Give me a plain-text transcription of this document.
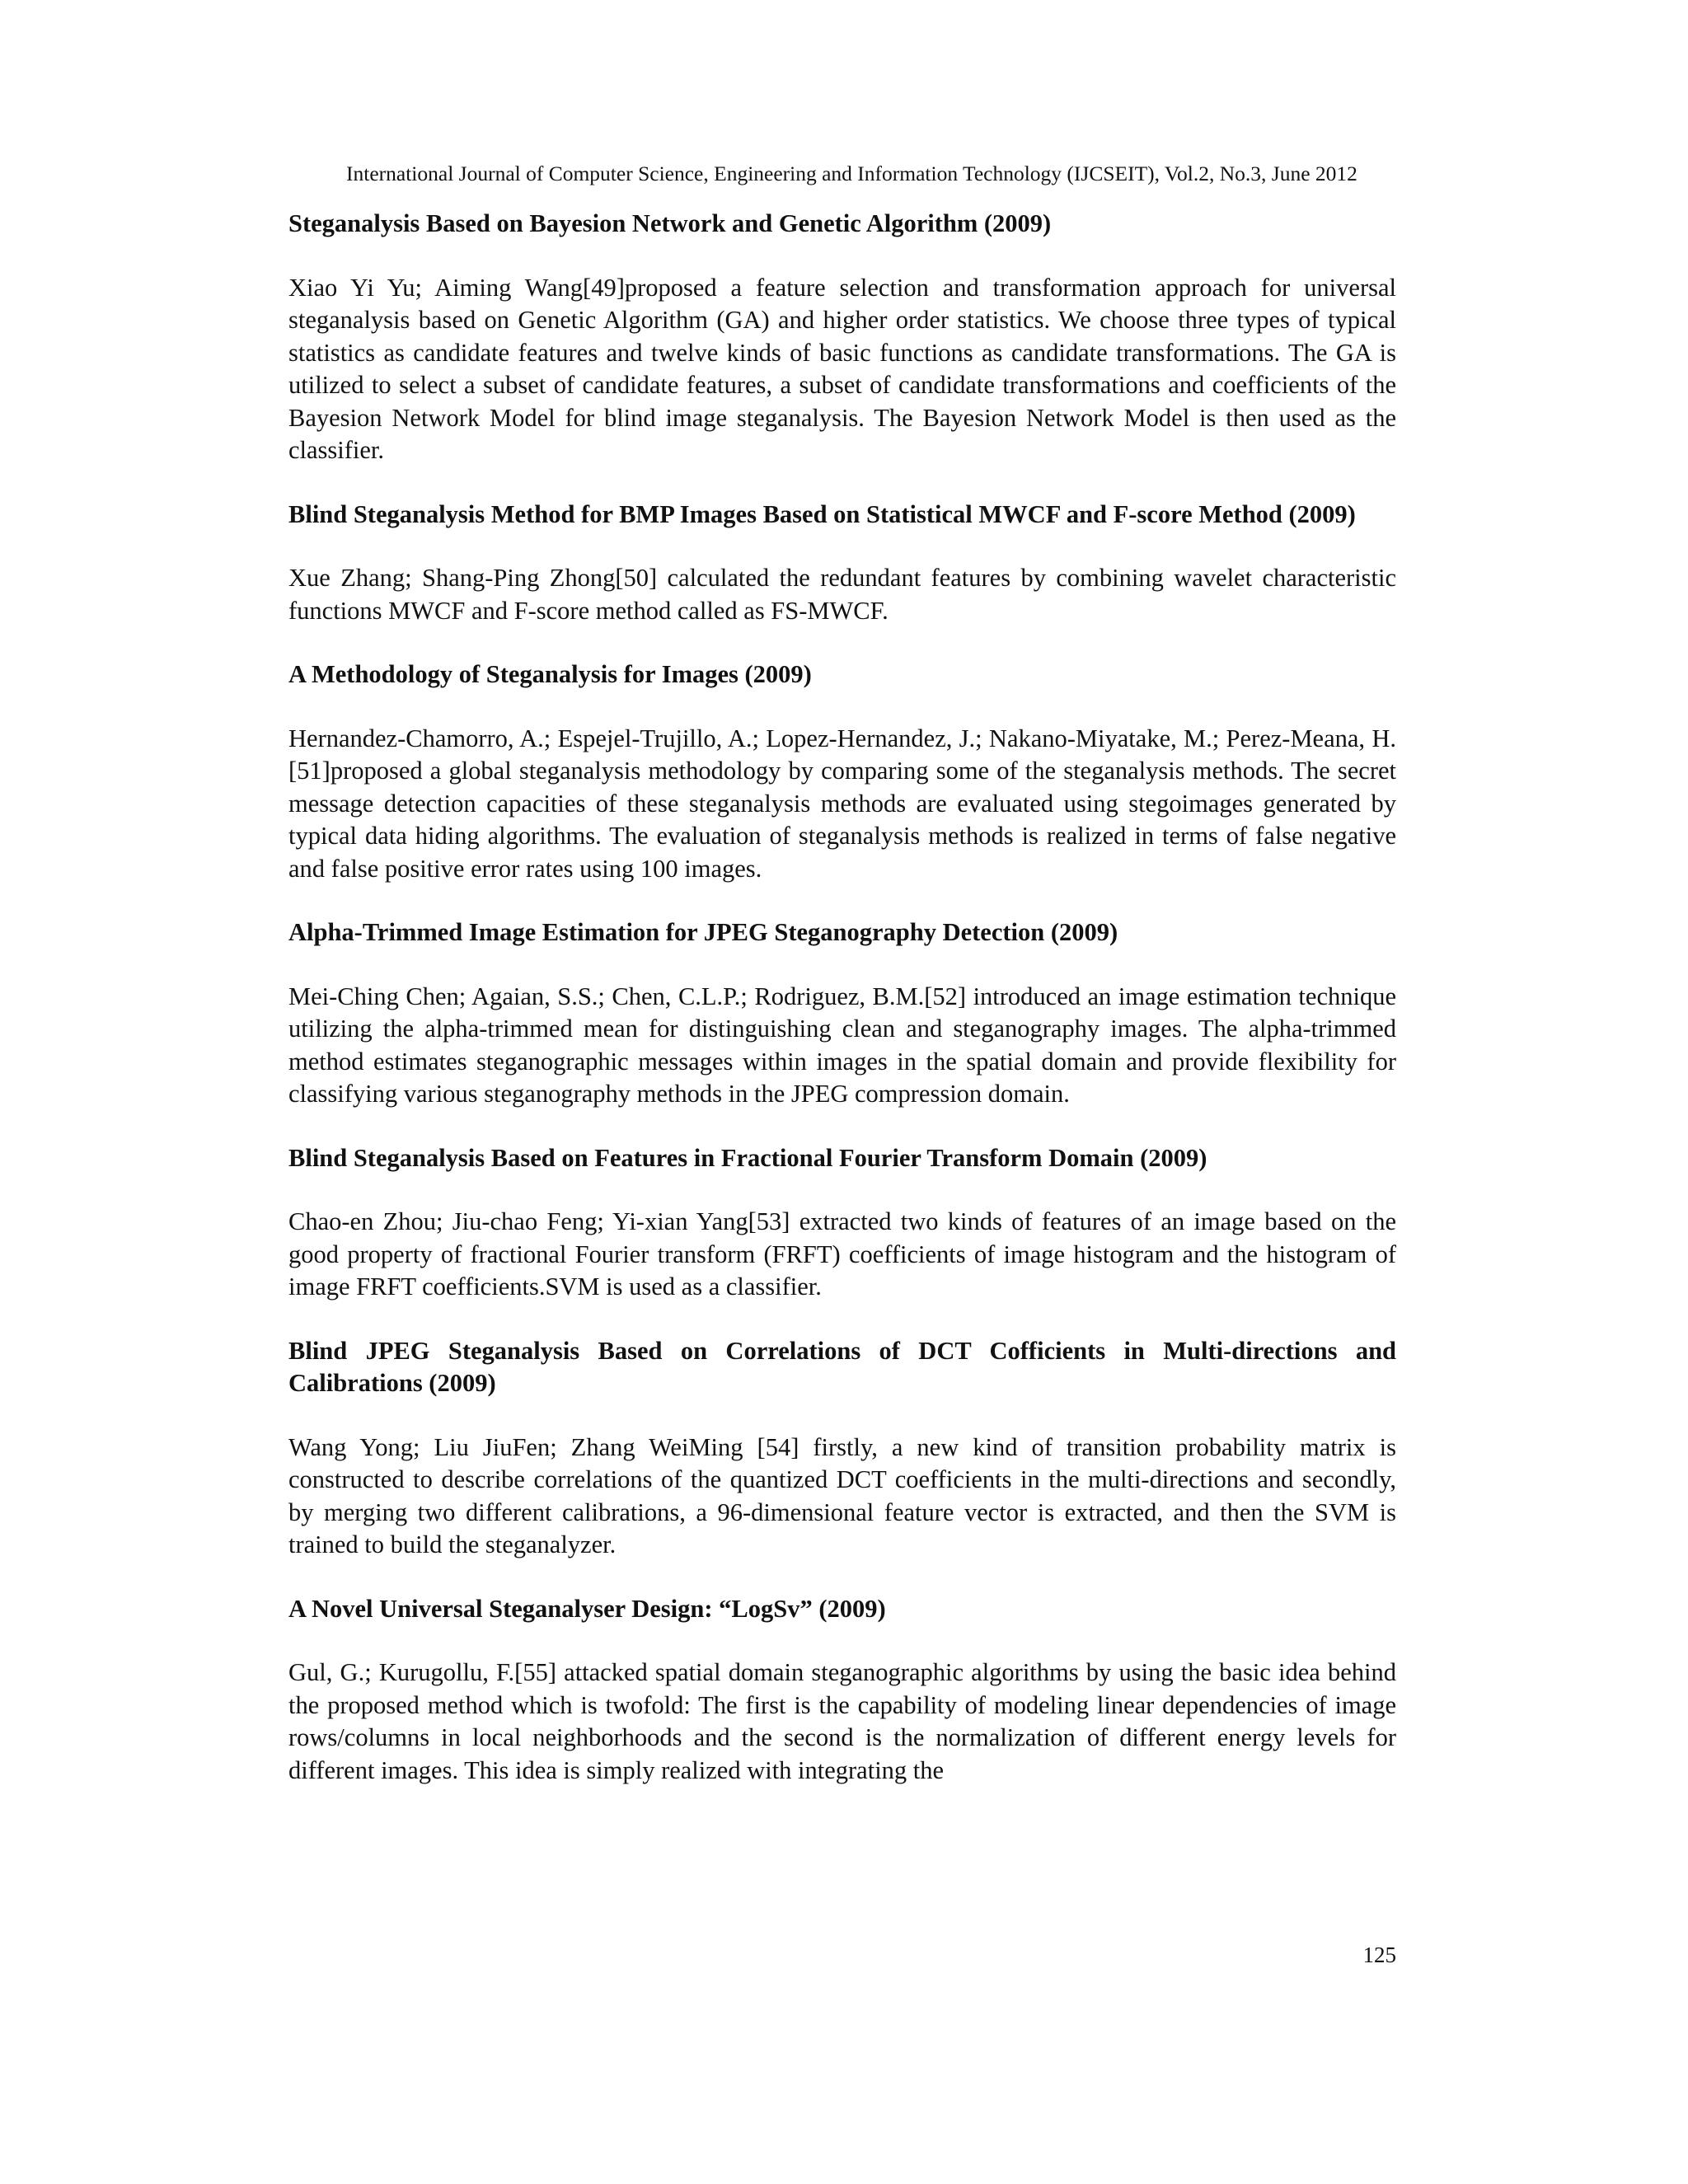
International Journal of Computer Science, Engineering and Information Technology (IJCSEIT), Vol.2, No.3, June 2012
Steganalysis Based on Bayesion Network and Genetic Algorithm (2009)

Xiao Yi Yu; Aiming Wang[49]proposed a feature selection and transformation approach for universal steganalysis based on Genetic Algorithm (GA) and higher order statistics. We choose three types of typical statistics as candidate features and twelve kinds of basic functions as candidate transformations. The GA is utilized to select a subset of candidate features, a subset of candidate transformations and coefficients of the Bayesion Network Model for blind image steganalysis. The Bayesion Network Model is then used as the classifier.

Blind Steganalysis Method for BMP Images Based on Statistical MWCF and F-score Method (2009)

Xue Zhang; Shang-Ping Zhong[50] calculated the redundant features by combining wavelet characteristic functions MWCF and F-score method called as FS-MWCF.

A Methodology of Steganalysis for Images (2009)

Hernandez-Chamorro, A.; Espejel-Trujillo, A.; Lopez-Hernandez, J.; Nakano-Miyatake, M.; Perez-Meana, H.[51]proposed a global steganalysis methodology by comparing some of the steganalysis methods. The secret message detection capacities of these steganalysis methods are evaluated using stegoimages generated by typical data hiding algorithms. The evaluation of steganalysis methods is realized in terms of false negative and false positive error rates using 100 images.

Alpha-Trimmed Image Estimation for JPEG Steganography Detection (2009)

Mei-Ching Chen; Agaian, S.S.; Chen, C.L.P.; Rodriguez, B.M.[52] introduced an image estimation technique utilizing the alpha-trimmed mean for distinguishing clean and steganography images. The alpha-trimmed method estimates steganographic messages within images in the spatial domain and provide flexibility for classifying various steganography methods in the JPEG compression domain.

Blind Steganalysis Based on Features in Fractional Fourier Transform Domain (2009)

Chao-en Zhou; Jiu-chao Feng; Yi-xian Yang[53] extracted two kinds of features of an image based on the good property of fractional Fourier transform (FRFT) coefficients of image histogram and the histogram of image FRFT coefficients.SVM is used as a classifier.

Blind JPEG Steganalysis Based on Correlations of DCT Cofficients in Multi-directions and Calibrations (2009)

Wang Yong; Liu JiuFen; Zhang WeiMing [54] firstly, a new kind of transition probability matrix is constructed to describe correlations of the quantized DCT coefficients in the multi-directions and secondly, by merging two different calibrations, a 96-dimensional feature vector is extracted, and then the SVM is trained to build the steganalyzer.

A Novel Universal Steganalyser Design: “LogSv” (2009)

Gul, G.; Kurugollu, F.[55] attacked spatial domain steganographic algorithms by using the basic idea behind the proposed method which is twofold: The first is the capability of modeling linear dependencies of image rows/columns in local neighborhoods and the second is the normalization of different energy levels for different images. This idea is simply realized with integrating the

125
